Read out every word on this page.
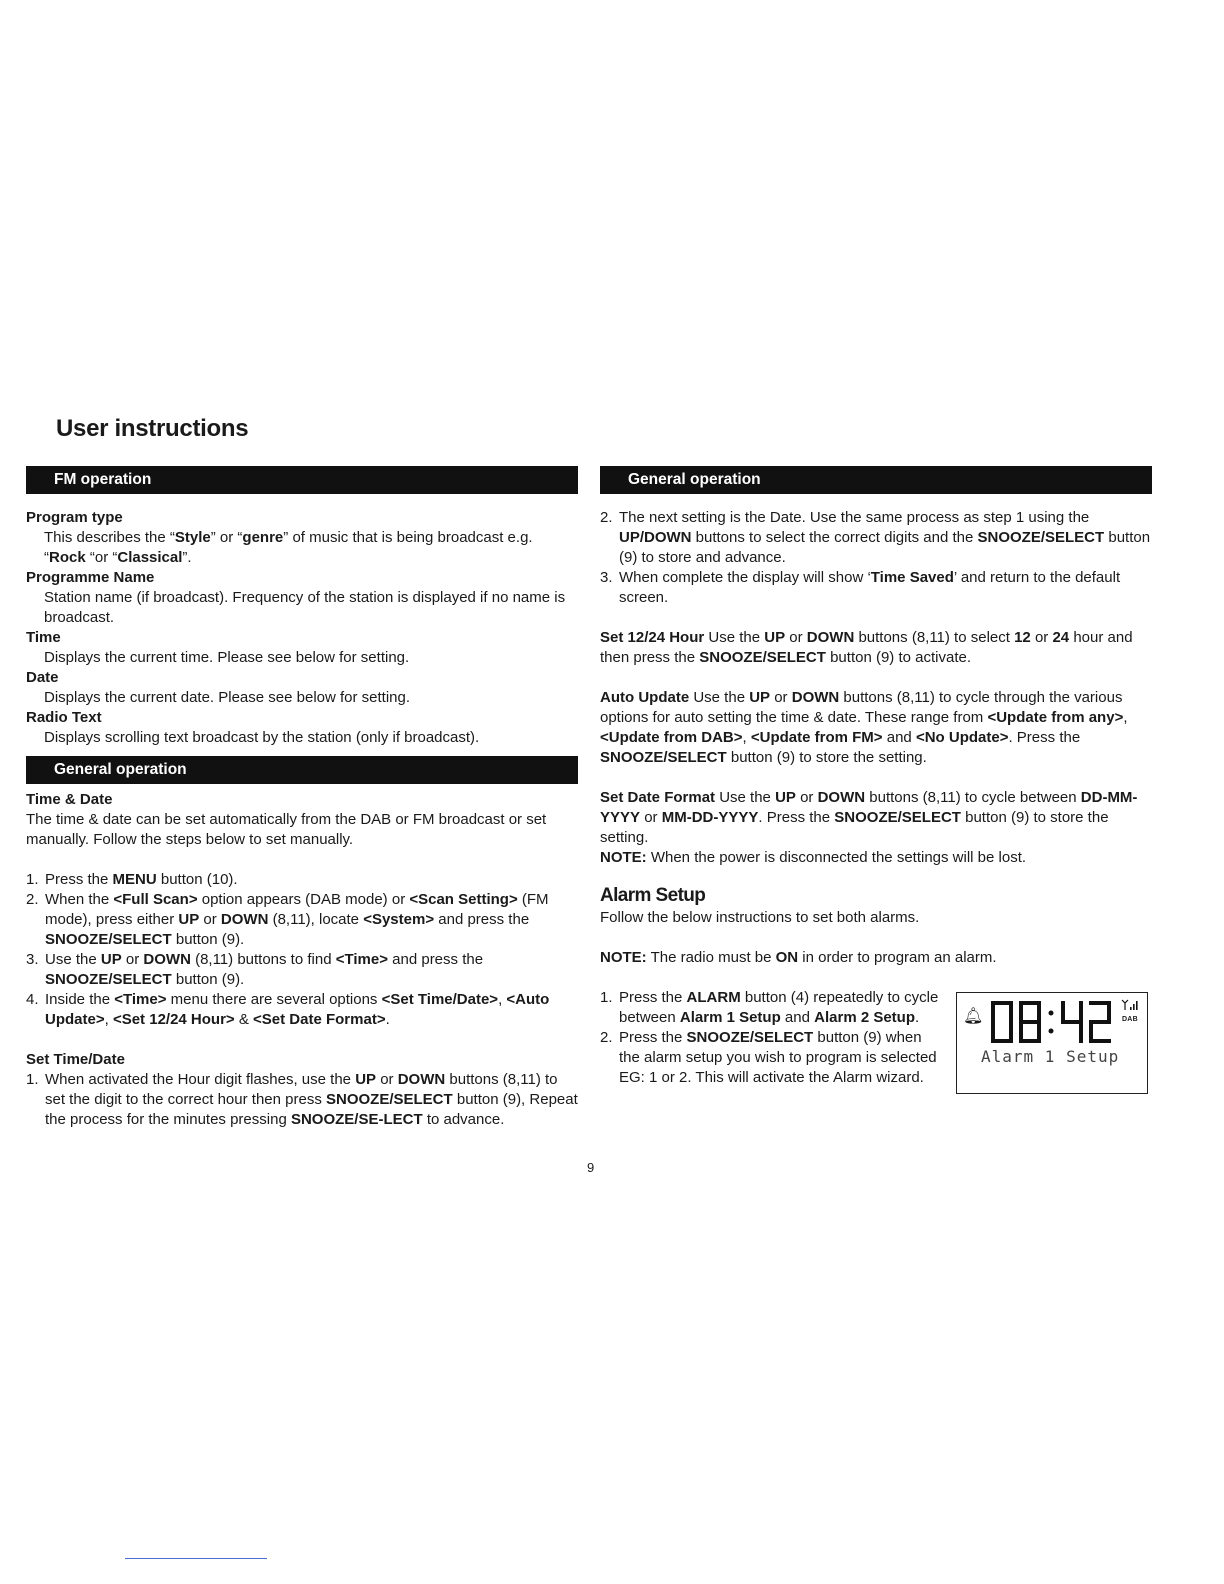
User instructions
FM operation
Program type
This describes the “Style” or “genre” of music that is being broadcast e.g. “Rock “or “Classical”.
Programme Name
Station name (if broadcast). Frequency of the station is displayed if no name is broadcast.
Time
Displays the current time. Please see below for setting.
Date
Displays the current date. Please see below for setting.
Radio Text
Displays scrolling text broadcast by the station (only if broadcast).
General operation
Time & Date
The time & date can be set automatically from the DAB or FM broadcast or set manually. Follow the steps below to set manually.
1. Press the MENU button (10).
2. When the <Full Scan> option appears (DAB mode) or <Scan Setting> (FM mode), press either UP or DOWN (8,11), locate <System> and press the SNOOZE/SELECT button (9).
3. Use the UP or DOWN (8,11) buttons to find <Time> and press the SNOOZE/SELECT button (9).
4. Inside the <Time> menu there are several options <Set Time/Date>, <Auto Update>, <Set 12/24 Hour> & <Set Date Format>.
Set Time/Date
1. When activated the Hour digit flashes, use the UP or DOWN buttons (8,11) to set the digit to the correct hour then press SNOOZE/SELECT button (9), Repeat the process for the minutes pressing SNOOZE/SE-LECT to advance.
General operation
2. The next setting is the Date. Use the same process as step 1 using the UP/DOWN buttons to select the correct digits and the SNOOZE/SELECT button (9) to store and advance.
3. When complete the display will show ‘Time Saved’ and return to the default screen.
Set 12/24 Hour Use the UP or DOWN buttons (8,11) to select 12 or 24 hour and then press the SNOOZE/SELECT button (9) to activate.
Auto Update Use the UP or DOWN buttons (8,11) to cycle through the various options for auto setting the time & date. These range from <Update from any>, <Update from DAB>, <Update from FM> and <No Update>. Press the SNOOZE/SELECT button (9) to store the setting.
Set Date Format Use the UP or DOWN buttons (8,11) to cycle between DD-MM-YYYY or MM-DD-YYYY. Press the SNOOZE/SELECT button (9) to store the setting.
NOTE: When the power is disconnected the settings will be lost.
Alarm Setup
Follow the below instructions to set both alarms.
NOTE: The radio must be ON in order to program an alarm.
1. Press the ALARM button (4) repeatedly to cycle between Alarm 1 Setup and Alarm 2 Setup.
2. Press the SNOOZE/SELECT button (9) when the alarm setup you wish to program is selected EG: 1 or 2. This will activate the Alarm wizard.
🔔︎	DAB
Alarm 1 Setup
9
